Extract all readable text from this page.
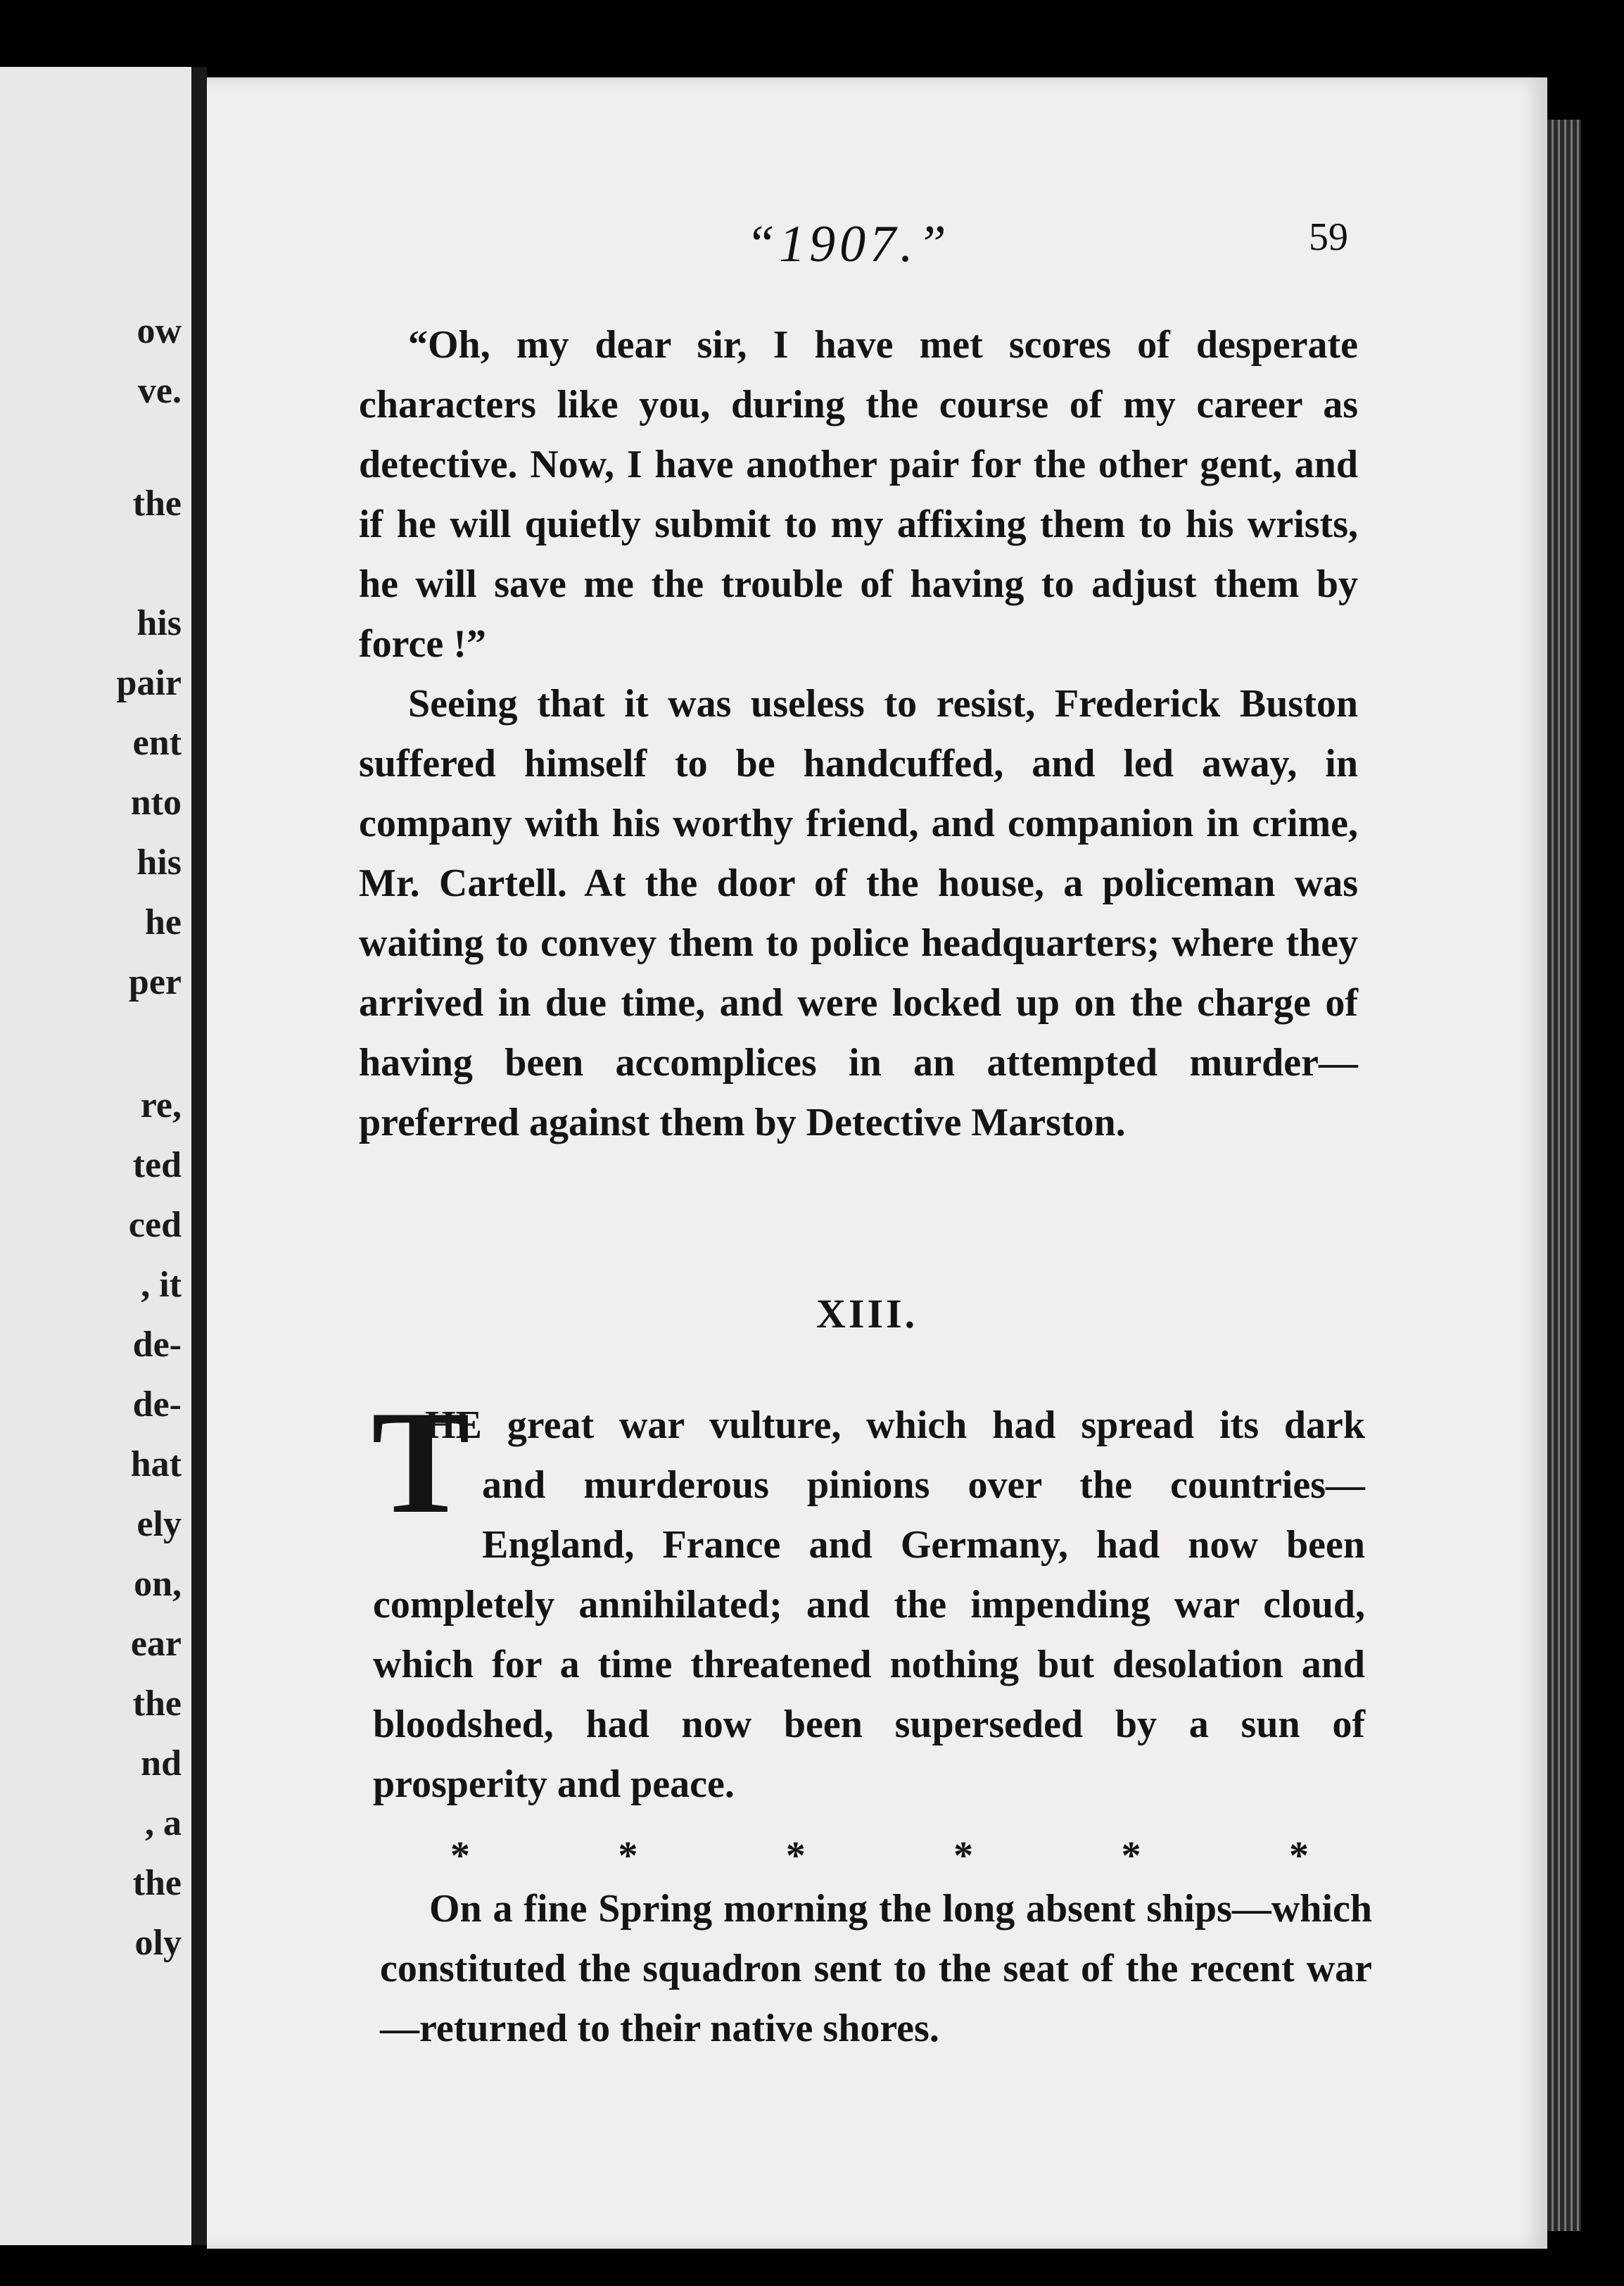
ow
ve.
the
his
pair
ent
nto
his
he
per
re,
ted
ced
, it
de-
de-
hat
ely
on,
ear
the
nd
, a
the
oly
“1907.”	59

“Oh, my dear sir, I have met scores of desperate characters like you, during the course of my career as detective. Now, I have another pair for the other gent, and if he will quietly submit to my affixing them to his wrists, he will save me the trouble of having to adjust them by force !”

Seeing that it was useless to resist, Frederick Buston suffered himself to be handcuffed, and led away, in company with his worthy friend, and companion in crime, Mr. Cartell. At the door of the house, a policeman was waiting to convey them to police headquarters; where they arrived in due time, and were locked up on the charge of having been accomplices in an attempted murder—preferred against them by Detective Marston.

XIII.
T

HE great war vulture, which had spread its dark

and murderous pinions over the countries—England, France and Germany, had now been completely annihilated; and the impending war cloud, which for a time threatened nothing but desolation and bloodshed, had now been superseded by a sun of prosperity and peace.

*	*	*	*	*	*

On a fine Spring morning the long absent ships—which constituted the squadron sent to the seat of the recent war—returned to their native shores.
